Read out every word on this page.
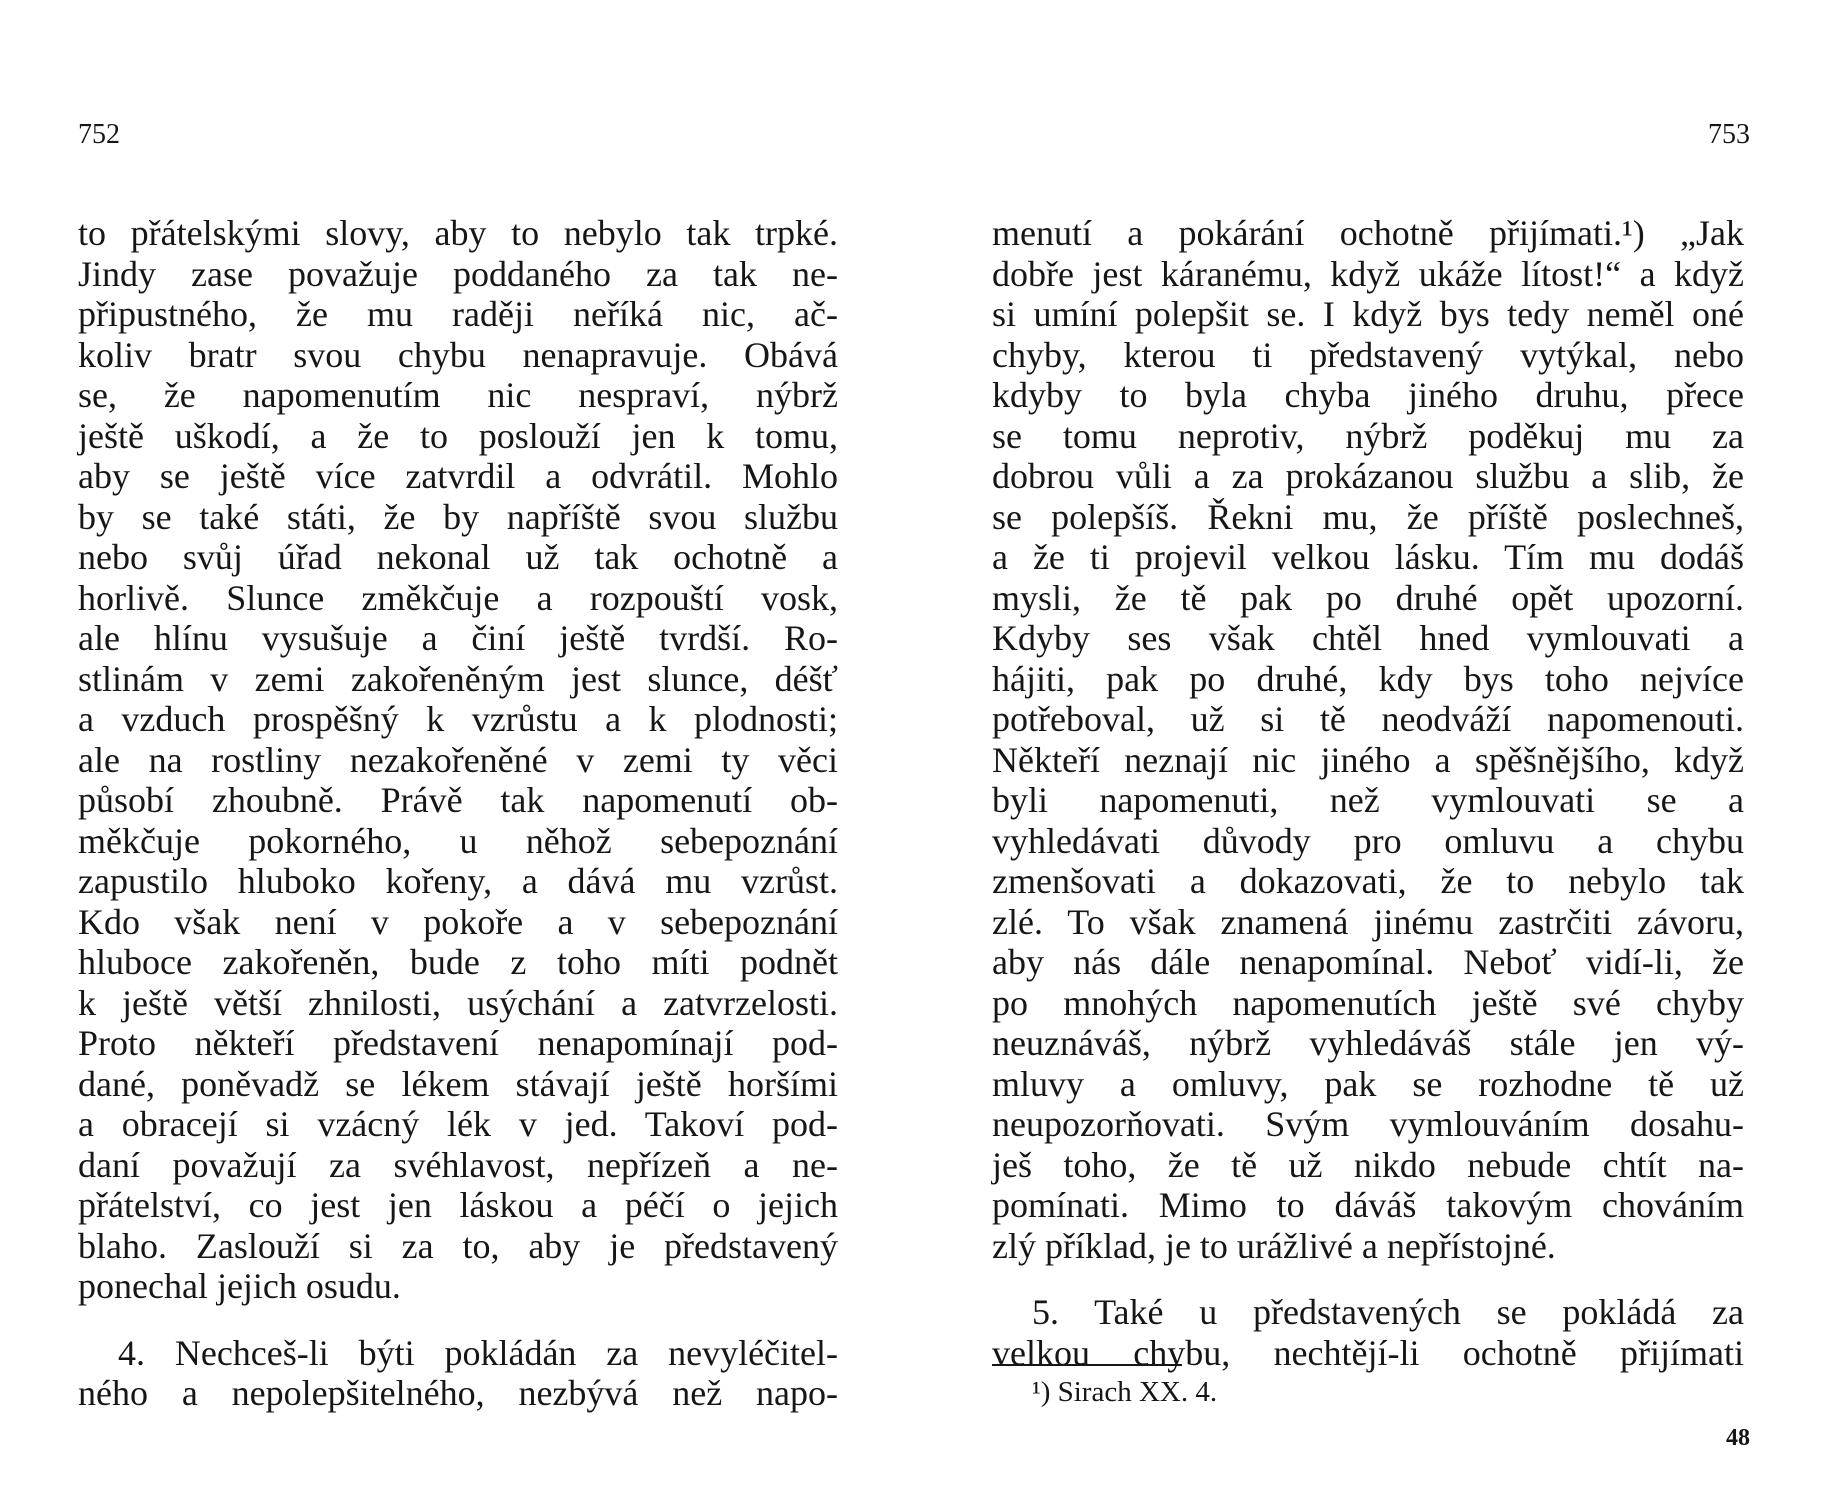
752
to přátelskými slovy, aby to nebylo tak trpké.
Jindy zase považuje poddaného za tak ne-
připustného, že mu raději neříká nic, ač-
koliv bratr svou chybu nenapravuje. Obává
se, že napomenutím nic nespraví, nýbrž
ještě uškodí, a že to poslouží jen k tomu,
aby se ještě více zatvrdil a odvrátil. Mohlo
by se také státi, že by napříště svou službu
nebo svůj úřad nekonal už tak ochotně a
horlivě. Slunce změkčuje a rozpouští vosk,
ale hlínu vysušuje a činí ještě tvrdší. Ro-
stlinám v zemi zakořeněným jest slunce, déšť
a vzduch prospěšný k vzrůstu a k plodnosti;
ale na rostliny nezakořeněné v zemi ty věci
působí zhoubně. Právě tak napomenutí ob-
měkčuje pokorného, u něhož sebepoznání
zapustilo hluboko kořeny, a dává mu vzrůst.
Kdo však není v pokoře a v sebepoznání
hluboce zakořeněn, bude z toho míti podnět
k ještě větší zhnilosti, usýchání a zatvrzelosti.
Proto někteří představení nenapomínají pod-
dané, poněvadž se lékem stávají ještě horšími
a obracejí si vzácný lék v jed. Takoví pod-
daní považují za svéhlavost, nepřízeň a ne-
přátelství, co jest jen láskou a péčí o jejich
blaho. Zaslouží si za to, aby je představený
ponechal jejich osudu.
4. Nechceš-li býti pokládán za nevyléčitel-
ného a nepolepšitelného, nezbývá než napo-
753
menutí a pokárání ochotně přijímati.¹) „Jak
dobře jest káranému, když ukáže lítost!“ a když
si umíní polepšit se. I když bys tedy neměl oné
chyby, kterou ti představený vytýkal, nebo
kdyby to byla chyba jiného druhu, přece
se tomu neprotiv, nýbrž poděkuj mu za
dobrou vůli a za prokázanou službu a slib, že
se polepšíš. Řekni mu, že příště poslechneš,
a že ti projevil velkou lásku. Tím mu dodáš
mysli, že tě pak po druhé opět upozorní.
Kdyby ses však chtěl hned vymlouvati a
hájiti, pak po druhé, kdy bys toho nejvíce
potřeboval, už si tě neodváží napomenouti.
Někteří neznají nic jiného a spěšnějšího, když
byli napomenuti, než vymlouvati se a
vyhledávati důvody pro omluvu a chybu
zmenšovati a dokazovati, že to nebylo tak
zlé. To však znamená jinému zastrčiti závoru,
aby nás dále nenapomínal. Neboť vidí-li, že
po mnohých napomenutích ještě své chyby
neuznáváš, nýbrž vyhledáváš stále jen vý-
mluvy a omluvy, pak se rozhodne tě už
neupozorňovati. Svým vymlouváním dosahu-
ješ toho, že tě už nikdo nebude chtít na-
pomínati. Mimo to dáváš takovým chováním
zlý příklad, je to urážlivé a nepřístojné.
5. Také u představených se pokládá za
velkou chybu, nechtějí-li ochotně přijímati
¹) Sirach XX. 4.
48
